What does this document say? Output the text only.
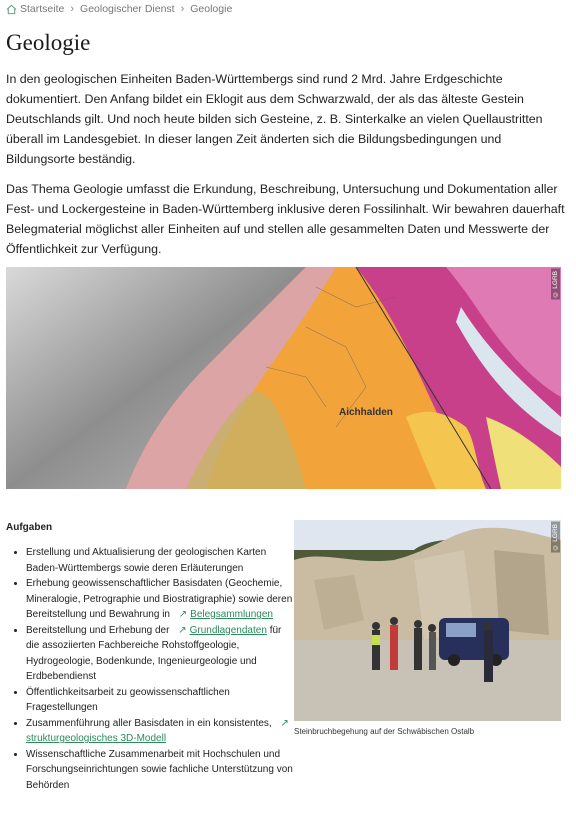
Startseite › Geologischer Dienst › Geologie
Geologie

In den geologischen Einheiten Baden-Württembergs sind rund 2 Mrd. Jahre Erdgeschichte dokumentiert. Den Anfang bildet ein Eklogit aus dem Schwarzwald, der als das älteste Gestein Deutschlands gilt. Und noch heute bilden sich Gesteine, z. B. Sinterkalke an vielen Quellaustritten überall im Landesgebiet. In dieser langen Zeit änderten sich die Bildungsbedingungen und Bildungsorte beständig.

Das Thema Geologie umfasst die Erkundung, Beschreibung, Untersuchung und Dokumentation aller Fest- und Lockergesteine in Baden-Württemberg inklusive deren Fossilinhalt. Wir bewahren dauerhaft Belegmaterial möglichst aller Einheiten auf und stellen alle gesammelten Daten und Messwerte der Öffentlichkeit zur Verfügung.

Aichhalden
© LGRB
Aufgaben
• Erstellung und Aktualisierung der geologischen Karten Baden-Württembergs sowie deren Erläuterungen
• Erhebung geowissenschaftlicher Basisdaten (Geochemie, Mineralogie, Petrographie und Biostratigraphie) sowie deren Bereitstellung und Bewahrung in ↗ Belegsammlungen
• Bereitstellung und Erhebung der ↗ Grundlagendaten für die assoziierten Fachbereiche Rohstoffgeologie, Hydrogeologie, Bodenkunde, Ingenieurgeologie und Erdbebendienst
• Öffentlichkeitsarbeit zu geowissenschaftlichen Fragestellungen
• Zusammenführung aller Basisdaten in ein konsistentes, ↗strukturgeologisches 3D-Modell
• Wissenschaftliche Zusammenarbeit mit Hochschulen und Forschungseinrichtungen sowie fachliche Unterstützung von Behörden
© LGRB
Steinbruchbegehung auf der Schwäbischen Ostalb
